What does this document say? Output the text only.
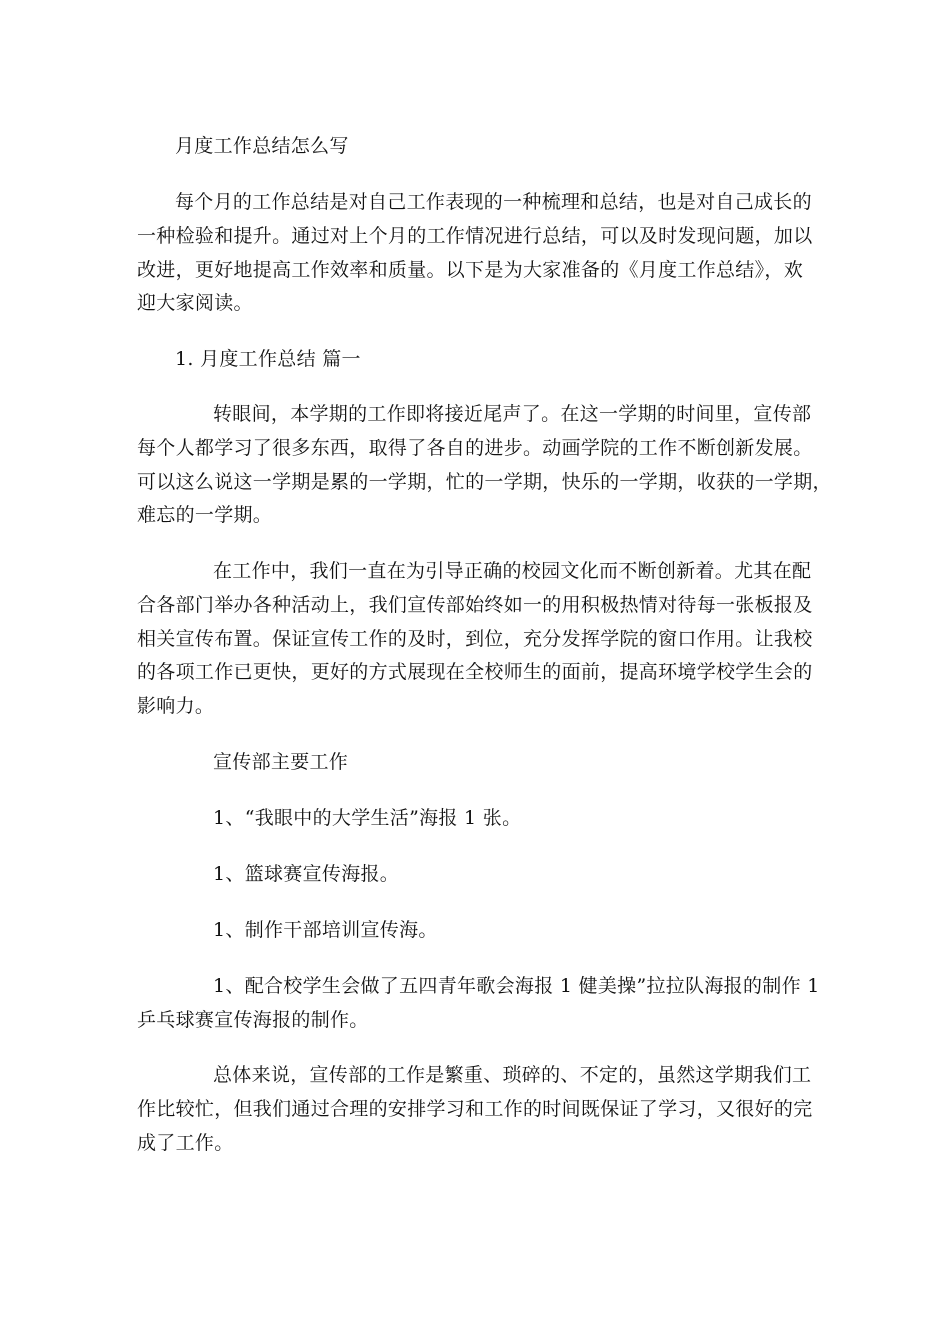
月度工作总结怎么写
每个月的工作总结是对自己工作表现的一种梳理和总结，也是对自己成长的
一种检验和提升。通过对上个月的工作情况进行总结，可以及时发现问题，加以
改进，更好地提高工作效率和质量。以下是为大家准备的《月度工作总结》，欢
迎大家阅读。
1. 月度工作总结 篇一
转眼间，本学期的工作即将接近尾声了。在这一学期的时间里，宣传部
每个人都学习了很多东西，取得了各自的进步。动画学院的工作不断创新发展。
可以这么说这一学期是累的一学期，忙的一学期，快乐的一学期，收获的一学期，
难忘的一学期。
在工作中，我们一直在为引导正确的校园文化而不断创新着。尤其在配
合各部门举办各种活动上，我们宣传部始终如一的用积极热情对待每一张板报及
相关宣传布置。保证宣传工作的及时，到位，充分发挥学院的窗口作用。让我校
的各项工作已更快，更好的方式展现在全校师生的面前，提高环境学校学生会的
影响力。
宣传部主要工作
1、“我眼中的大学生活”海报 1 张。
1、篮球赛宣传海报。
1、制作干部培训宣传海。
1、配合校学生会做了五四青年歌会海报 1 健美操”拉拉队海报的制作 1
乒乓球赛宣传海报的制作。
总体来说，宣传部的工作是繁重、琐碎的、不定的，虽然这学期我们工
作比较忙，但我们通过合理的安排学习和工作的时间既保证了学习，又很好的完
成了工作。
